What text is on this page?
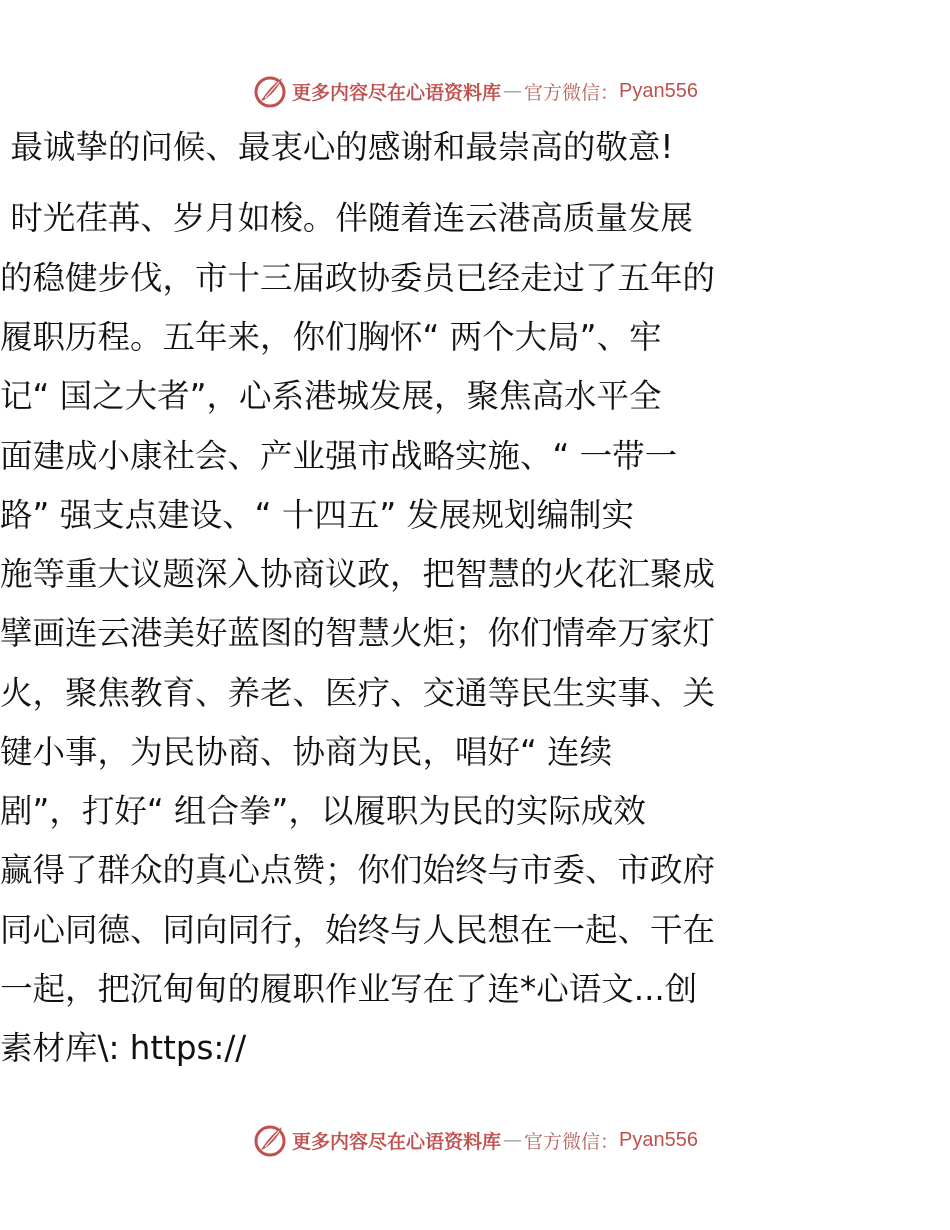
更多内容尽在心语资料库 — 官方微信： Pyan556
最诚挚的问候、最衷心的感谢和最崇高的敬意!
时光荏苒、岁月如梭。伴随着连云港高质量发展
的稳健步伐，市十三届政协委员已经走过了五年的
履职历程。五年来，你们胸怀“ 两个大局”、牢
记“ 国之大者”，心系港城发展，聚焦高水平全
面建成小康社会、产业强市战略实施、“ 一带一
路” 强支点建设、“ 十四五” 发展规划编制实
施等重大议题深入协商议政，把智慧的火花汇聚成
擘画连云港美好蓝图的智慧火炬；你们情牵万家灯
火，聚焦教育、养老、医疗、交通等民生实事、关
键小事，为民协商、协商为民，唱好“ 连续
剧”，打好“ 组合拳”，以履职为民的实际成效
赢得了群众的真心点赞；你们始终与市委、市政府
同心同德、同向同行，始终与人民想在一起、干在
一起，把沉甸甸的履职作业写在了连*心语文...创
素材库\: https://
更多内容尽在心语资料库 — 官方微信： Pyan556
